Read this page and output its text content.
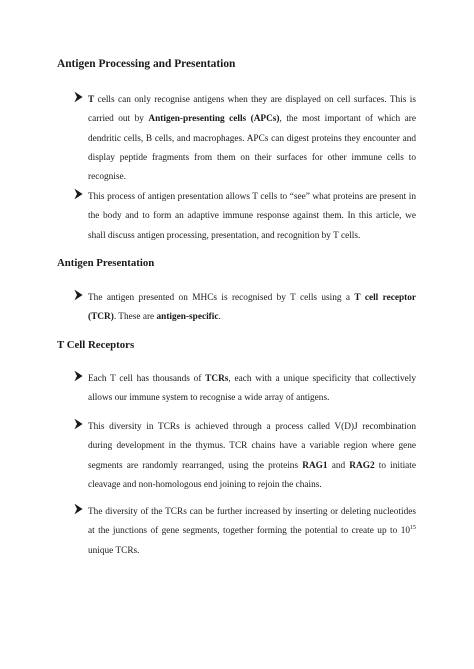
Antigen Processing and Presentation
T cells can only recognise antigens when they are displayed on cell surfaces. This is carried out by Antigen-presenting cells (APCs), the most important of which are dendritic cells, B cells, and macrophages. APCs can digest proteins they encounter and display peptide fragments from them on their surfaces for other immune cells to recognise.
This process of antigen presentation allows T cells to “see” what proteins are present in the body and to form an adaptive immune response against them. In this article, we shall discuss antigen processing, presentation, and recognition by T cells.
Antigen Presentation
The antigen presented on MHCs is recognised by T cells using a T cell receptor (TCR). These are antigen-specific.
T Cell Receptors
Each T cell has thousands of TCRs, each with a unique specificity that collectively allows our immune system to recognise a wide array of antigens.
This diversity in TCRs is achieved through a process called V(D)J recombination during development in the thymus. TCR chains have a variable region where gene segments are randomly rearranged, using the proteins RAG1 and RAG2 to initiate cleavage and non-homologous end joining to rejoin the chains.
The diversity of the TCRs can be further increased by inserting or deleting nucleotides at the junctions of gene segments, together forming the potential to create up to $10^{15}$ unique TCRs.
